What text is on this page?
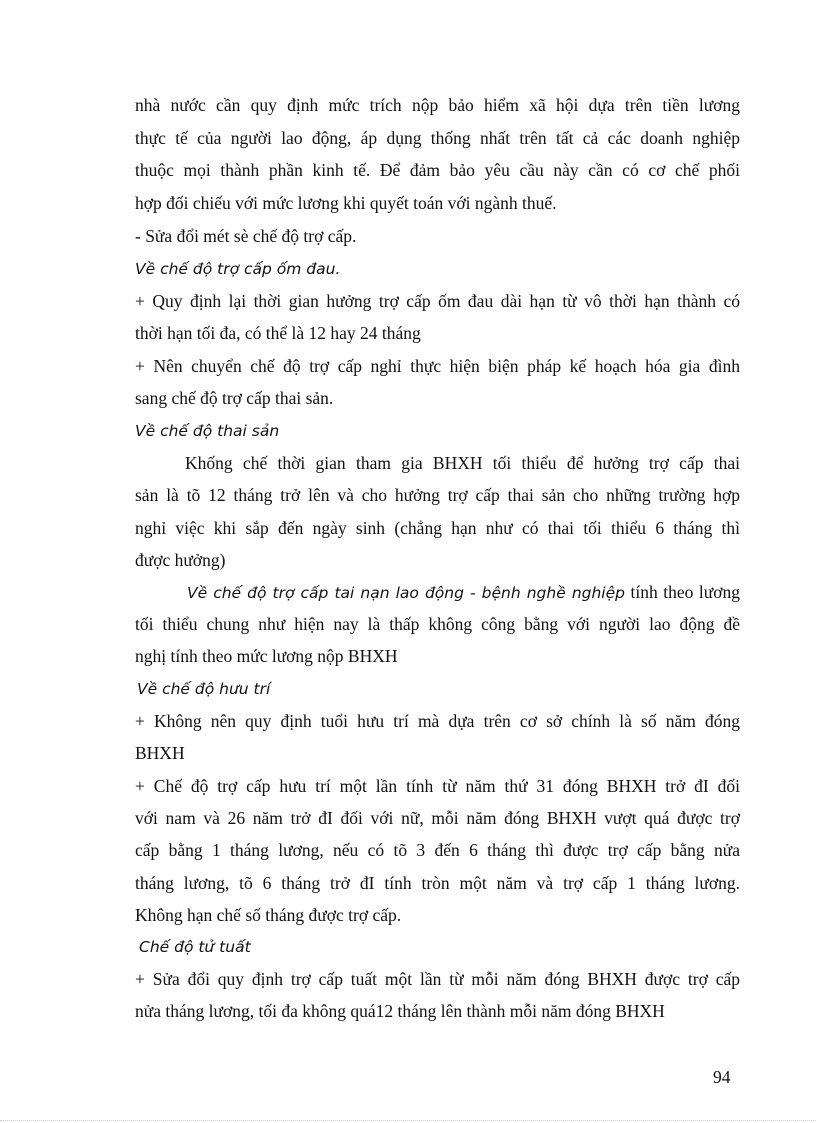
nhà nước cần quy định mức trích nộp bảo hiểm xã hội dựa trên tiền lương
thực tế của người lao động, áp dụng thống nhất trên tất cả các doanh nghiệp
thuộc mọi thành phần kinh tế. Để đảm bảo yêu cầu này cần có cơ chế phối
hợp đối chiếu với mức lương khi quyết toán với ngành thuế.
- Sửa đổi mét sè chế độ trợ cấp.
Về chế độ trợ cấp ốm đau.
+ Quy định lại thời gian hưởng trợ cấp ốm đau dài hạn từ vô thời hạn thành có
thời hạn tối đa, có thể là 12 hay 24 tháng
+ Nên chuyển chế độ trợ cấp nghỉ thực hiện biện pháp kế hoạch hóa gia đình
sang chế độ trợ cấp thai sản.
Về chế độ thai sản
Khống chế thời gian tham gia BHXH tối thiểu để hưởng trợ cấp thai
sản là tõ 12 tháng trở lên và cho hưởng trợ cấp thai sản cho những trường hợp
nghỉ việc khi sắp đến ngày sinh (chẳng hạn như có thai tối thiểu 6 tháng thì
được hưởng)
Về chế độ trợ cấp tai nạn lao động - bệnh nghề nghiệp tính theo lương
tối thiểu chung như hiện nay là thấp không công bằng với người lao động đề
nghị tính theo mức lương nộp BHXH
Về chế độ hưu trí
+ Không nên quy định tuổi hưu trí mà dựa trên cơ sở chính là số năm đóng
BHXH
+ Chế độ trợ cấp hưu trí một lần tính từ năm thứ 31 đóng BHXH trở đI đối
với nam và 26 năm trở đI đối với nữ, mỗi năm đóng BHXH vượt quá được trợ
cấp bằng 1 tháng lương, nếu có tõ 3 đến 6 tháng thì được trợ cấp bằng nửa
tháng lương, tõ 6 tháng trở đI tính tròn một năm và trợ cấp 1 tháng lương.
Không hạn chế số tháng được trợ cấp.
Chế độ tử tuất
+ Sửa đổi quy định trợ cấp tuất một lần từ mỗi năm đóng BHXH được trợ cấp
nửa tháng lương, tối đa không quá12 tháng lên thành mỗi năm đóng BHXH
94
